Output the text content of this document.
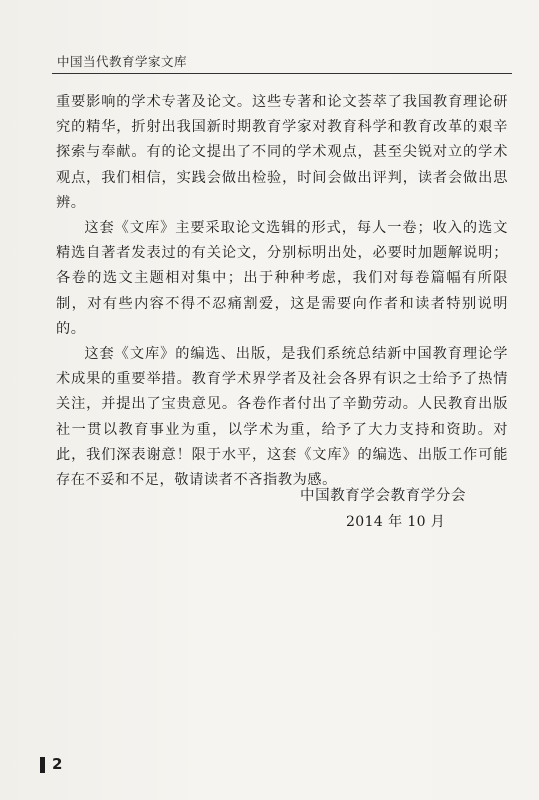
中国当代教育学家文库

重要影响的学术专著及论文。这些专著和论文荟萃了我国教育理论研究的精华，折射出我国新时期教育学家对教育科学和教育改革的艰辛探索与奉献。有的论文提出了不同的学术观点，甚至尖锐对立的学术观点，我们相信，实践会做出检验，时间会做出评判，读者会做出思辨。

这套《文库》主要采取论文选辑的形式，每人一卷；收入的选文精选自著者发表过的有关论文，分别标明出处，必要时加题解说明；各卷的选文主题相对集中；出于种种考虑，我们对每卷篇幅有所限制，对有些内容不得不忍痛割爱，这是需要向作者和读者特别说明的。

这套《文库》的编选、出版，是我们系统总结新中国教育理论学术成果的重要举措。教育学术界学者及社会各界有识之士给予了热情关注，并提出了宝贵意见。各卷作者付出了辛勤劳动。人民教育出版社一贯以教育事业为重，以学术为重，给予了大力支持和资助。对此，我们深表谢意！限于水平，这套《文库》的编选、出版工作可能存在不妥和不足，敬请读者不吝指教为感。

中国教育学会教育学分会
2014 年 10 月
2
